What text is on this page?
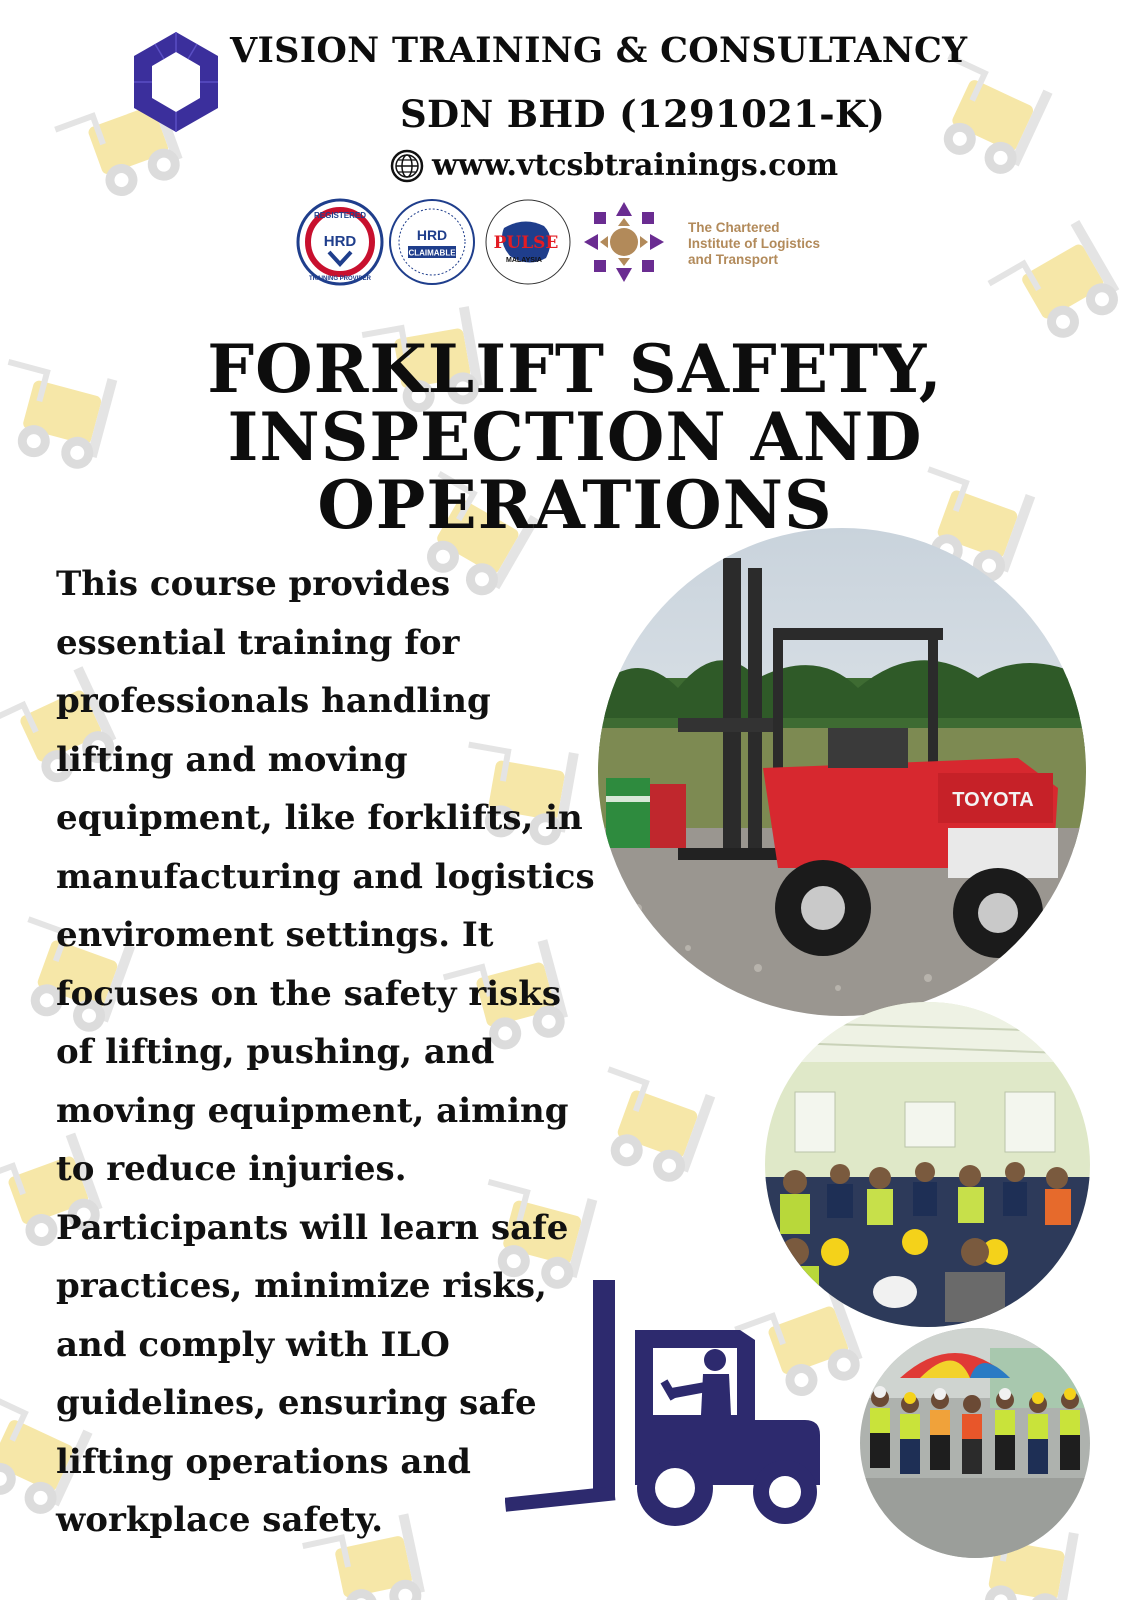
VISION TRAINING & CONSULTANCY
SDN BHD (1291021-K)
www.vtcsbtrainings.com
REGISTERED
HRD
TRAINING PROVIDER
HRD
CLAIMABLE PULSE
MALAYSIA
The Chartered
Institute of Logistics
and Transport
FORKLIFT SAFETY,
INSPECTION AND
OPERATIONS
This course provides
essential training for
professionals handling
lifting and moving
equipment, like forklifts, in
manufacturing and logistics
enviroment settings. It
focuses on the safety risks
of lifting, pushing, and
moving equipment, aiming
to reduce injuries.
Participants will learn safe
practices, minimize risks,
and comply with ILO
guidelines, ensuring safe
lifting operations and
workplace safety.
TOYOTA
